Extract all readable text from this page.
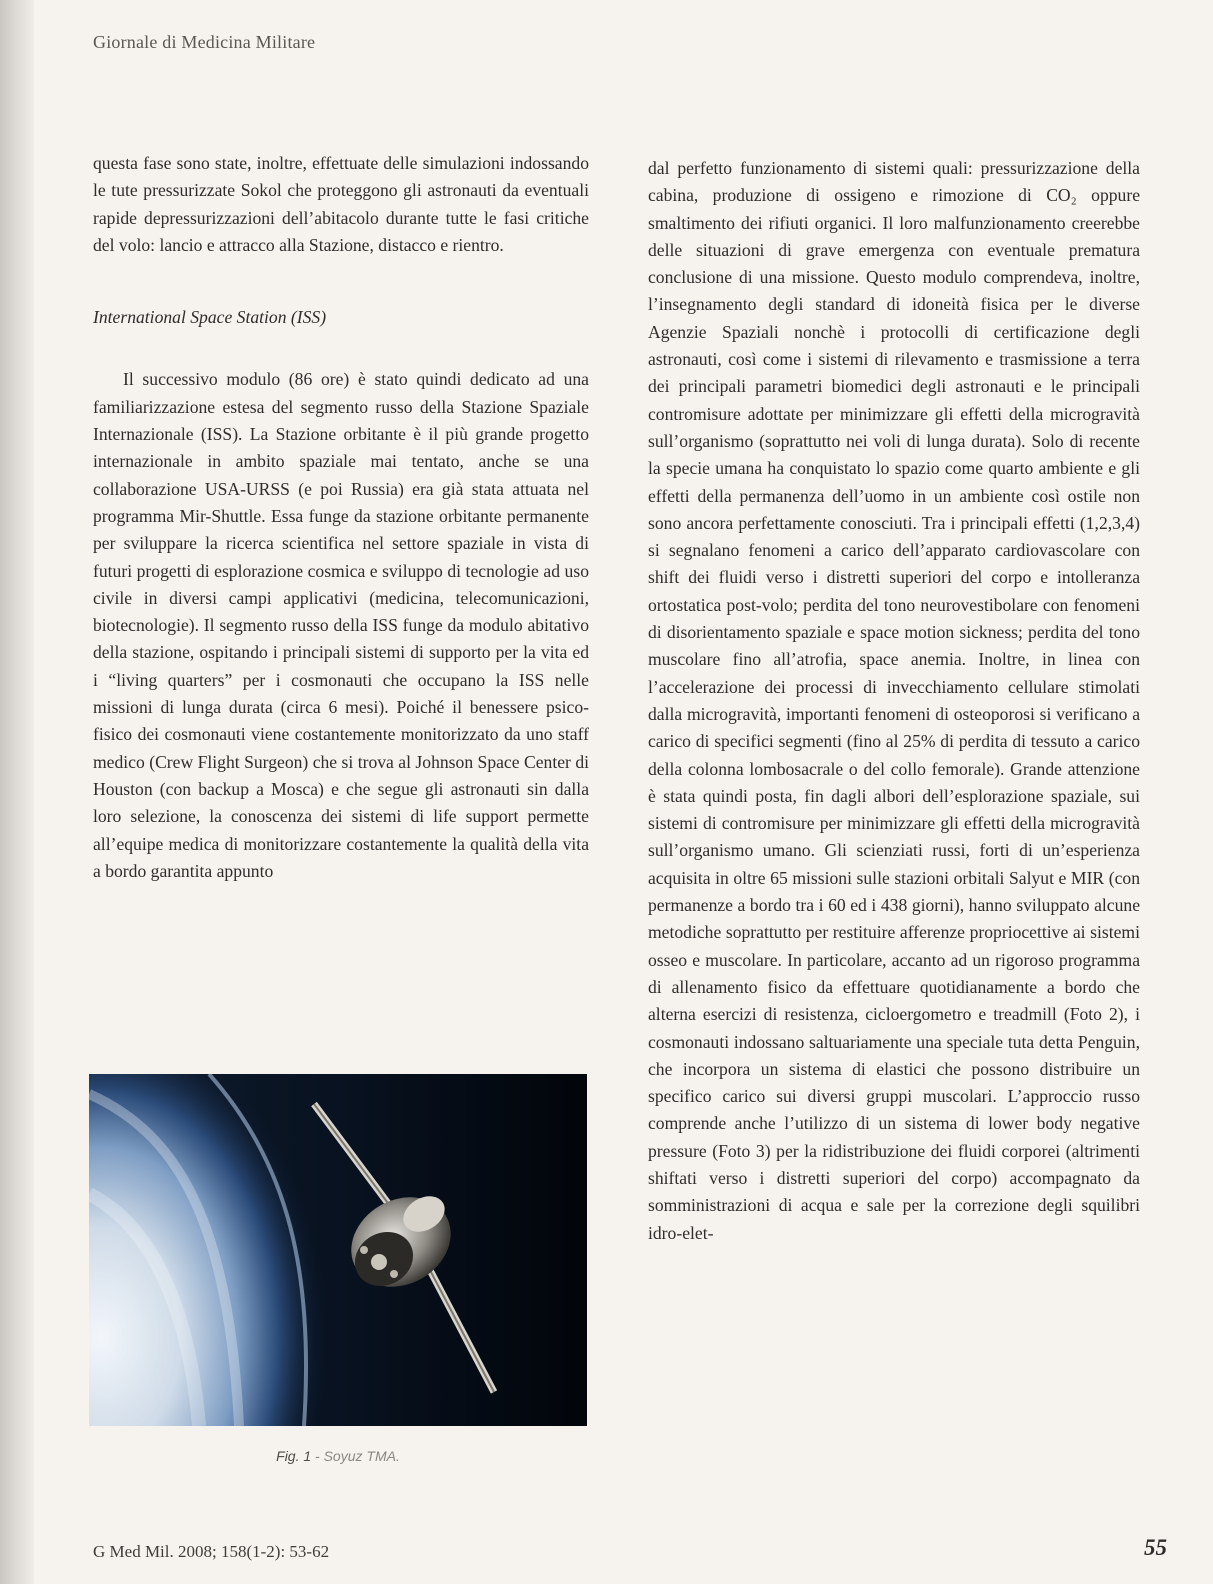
Giornale di Medicina Militare

questa fase sono state, inoltre, effettuate delle simulazioni indossando le tute pressurizzate Sokol che proteggono gli astronauti da eventuali rapide depressurizzazioni dell’abitacolo durante tutte le fasi critiche del volo: lancio e attracco alla Stazione, distacco e rientro.

International Space Station (ISS)

Il successivo modulo (86 ore) è stato quindi dedicato ad una familiarizzazione estesa del segmento russo della Stazione Spaziale Internazionale (ISS). La Stazione orbitante è il più grande progetto internazionale in ambito spaziale mai tentato, anche se una collaborazione USA-URSS (e poi Russia) era già stata attuata nel programma Mir-Shuttle. Essa funge da stazione orbitante permanente per sviluppare la ricerca scientifica nel settore spaziale in vista di futuri progetti di esplorazione cosmica e sviluppo di tecnologie ad uso civile in diversi campi applicativi (medicina, telecomunicazioni, biotecnologie). Il segmento russo della ISS funge da modulo abitativo della stazione, ospitando i principali sistemi di supporto per la vita ed i “living quarters” per i cosmonauti che occupano la ISS nelle missioni di lunga durata (circa 6 mesi). Poiché il benessere psico-fisico dei cosmonauti viene costantemente monitorizzato da uno staff medico (Crew Flight Surgeon) che si trova al Johnson Space Center di Houston (con backup a Mosca) e che segue gli astronauti sin dalla loro selezione, la conoscenza dei sistemi di life support permette all’equipe medica di monitorizzare costantemente la qualità della vita a bordo garantita appunto

dal perfetto funzionamento di sistemi quali: pressurizzazione della cabina, produzione di ossigeno e rimozione di CO₂ oppure smaltimento dei rifiuti organici. Il loro malfunzionamento creerebbe delle situazioni di grave emergenza con eventuale prematura conclusione di una missione. Questo modulo comprendeva, inoltre, l’insegnamento degli standard di idoneità fisica per le diverse Agenzie Spaziali nonchè i protocolli di certificazione degli astronauti, così come i sistemi di rilevamento e trasmissione a terra dei principali parametri biomedici degli astronauti e le principali contromisure adottate per minimizzare gli effetti della microgravità sull’organismo (soprattutto nei voli di lunga durata). Solo di recente la specie umana ha conquistato lo spazio come quarto ambiente e gli effetti della permanenza dell’uomo in un ambiente così ostile non sono ancora perfettamente conosciuti. Tra i principali effetti (1,2,3,4) si segnalano fenomeni a carico dell’apparato cardiovascolare con shift dei fluidi verso i distretti superiori del corpo e intolleranza ortostatica post-volo; perdita del tono neurovestibolare con fenomeni di disorientamento spaziale e space motion sickness; perdita del tono muscolare fino all’atrofia, space anemia. Inoltre, in linea con l’accelerazione dei processi di invecchiamento cellulare stimolati dalla microgravità, importanti fenomeni di osteoporosi si verificano a carico di specifici segmenti (fino al 25% di perdita di tessuto a carico della colonna lombosacrale o del collo femorale). Grande attenzione è stata quindi posta, fin dagli albori dell’esplorazione spaziale, sui sistemi di contromisure per minimizzare gli effetti della microgravità sull’organismo umano. Gli scienziati russi, forti di un’esperienza acquisita in oltre 65 missioni sulle stazioni orbitali Salyut e MIR (con permanenze a bordo tra i 60 ed i 438 giorni), hanno sviluppato alcune metodiche soprattutto per restituire afferenze propriocettive ai sistemi osseo e muscolare. In particolare, accanto ad un rigoroso programma di allenamento fisico da effettuare quotidianamente a bordo che alterna esercizi di resistenza, cicloergometro e treadmill (Foto 2), i cosmonauti indossano saltuariamente una speciale tuta detta Penguin, che incorpora un sistema di elastici che possono distribuire un specifico carico sui diversi gruppi muscolari. L’approccio russo comprende anche l’utilizzo di un sistema di lower body negative pressure (Foto 3) per la ridistribuzione dei fluidi corporei (altrimenti shiftati verso i distretti superiori del corpo) accompagnato da somministrazioni di acqua e sale per la correzione degli squilibri idro-elet-

Fig. 1 - Soyuz TMA.
G Med Mil. 2008; 158(1-2): 53-62	55
